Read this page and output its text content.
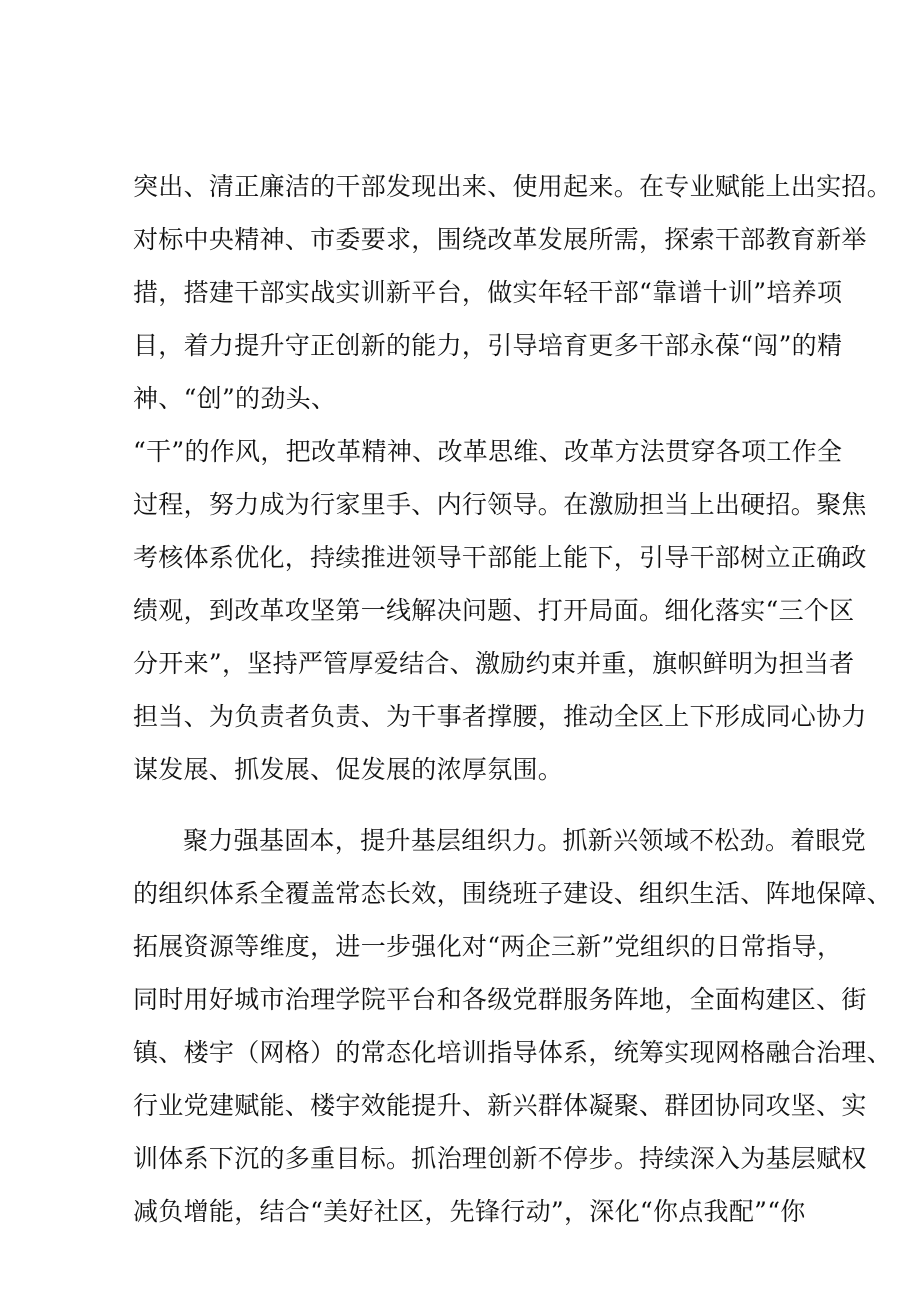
突出、清正廉洁的干部发现出来、使用起来。在专业赋能上出实招。
对标中央精神、市委要求，围绕改革发展所需，探索干部教育新举
措，搭建干部实战实训新平台，做实年轻干部“靠谱十训”培养项
目，着力提升守正创新的能力，引导培育更多干部永葆“闯”的精
神、“创”的劲头、
“干”的作风，把改革精神、改革思维、改革方法贯穿各项工作全
过程，努力成为行家里手、内行领导。在激励担当上出硬招。聚焦
考核体系优化，持续推进领导干部能上能下，引导干部树立正确政
绩观，到改革攻坚第一线解决问题、打开局面。细化落实“三个区
分开来”，坚持严管厚爱结合、激励约束并重，旗帜鲜明为担当者
担当、为负责者负责、为干事者撑腰，推动全区上下形成同心协力
谋发展、抓发展、促发展的浓厚氛围。
聚力强基固本，提升基层组织力。抓新兴领域不松劲。着眼党
的组织体系全覆盖常态长效，围绕班子建设、组织生活、阵地保障、
拓展资源等维度，进一步强化对“两企三新”党组织的日常指导，
同时用好城市治理学院平台和各级党群服务阵地，全面构建区、街
镇、楼宇（网格）的常态化培训指导体系，统筹实现网格融合治理、
行业党建赋能、楼宇效能提升、新兴群体凝聚、群团协同攻坚、实
训体系下沉的多重目标。抓治理创新不停步。持续深入为基层赋权
减负增能，结合“美好社区，先锋行动”，深化“你点我配”“你
